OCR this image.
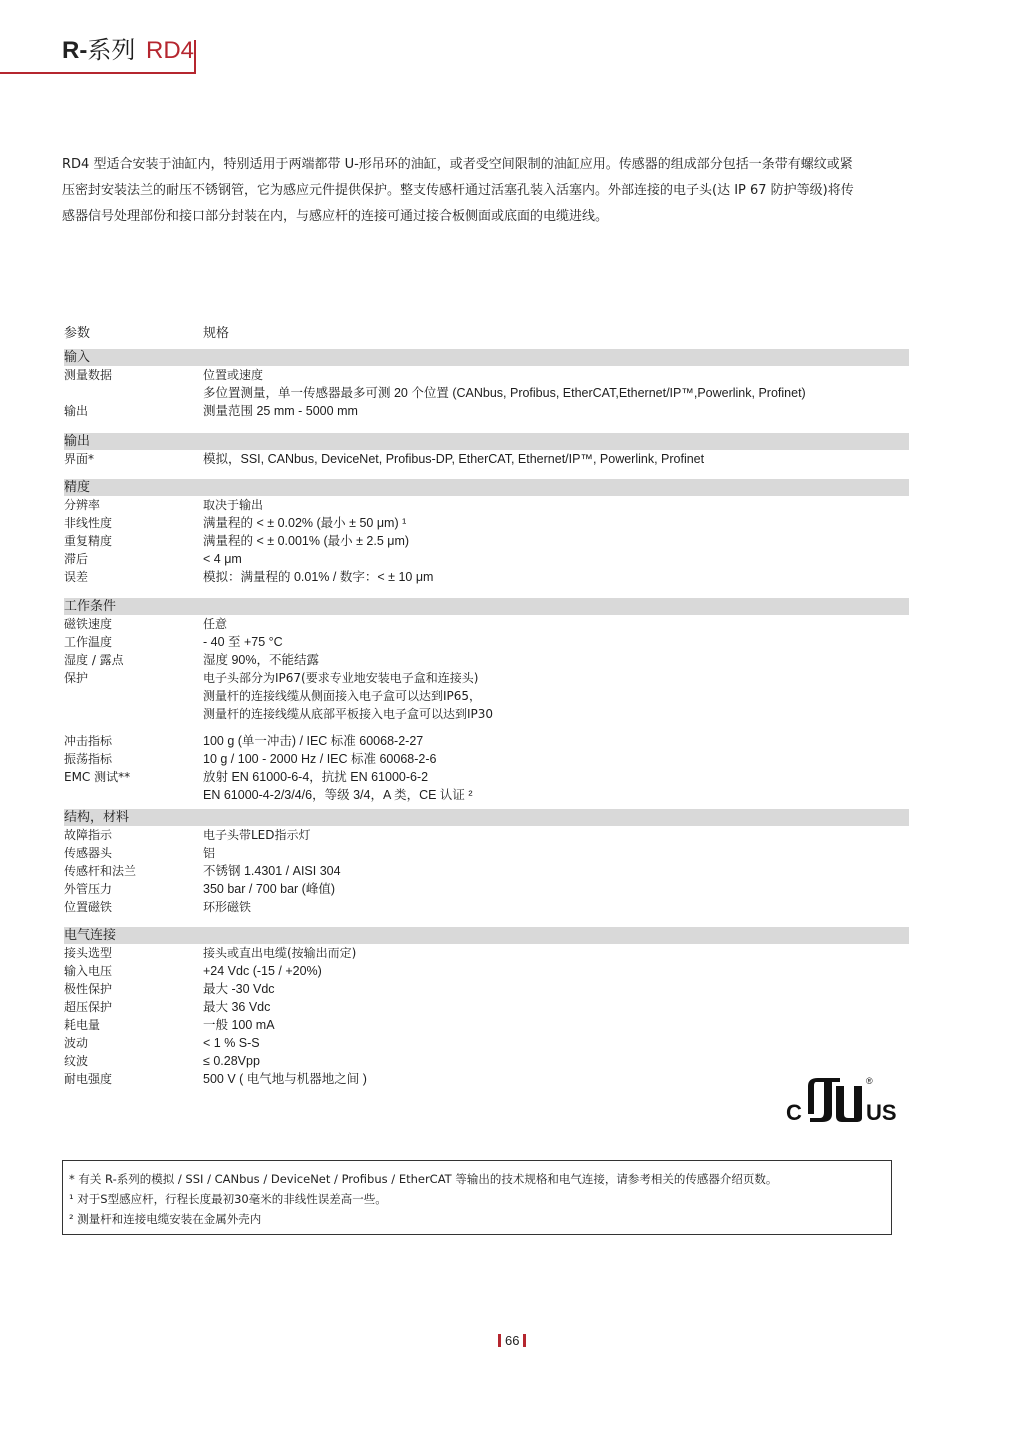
R-系列 RD4

RD4 型适合安装于油缸内，特别适用于两端都带 U-形吊环的油缸，或者受空间限制的油缸应用。传感器的组成部分包括一条带有螺纹或紧压密封安装法兰的耐压不锈钢管，它为感应元件提供保护。整支传感杆通过活塞孔装入活塞内。外部连接的电子头(达 IP 67 防护等级)将传感器信号处理部份和接口部分封装在内，与感应杆的连接可通过接合板侧面或底面的电缆进线。

参数	规格
输入
测量数据	位置或速度
多位置测量，单一传感器最多可测 20 个位置 (CANbus, Profibus, EtherCAT,Ethernet/IP™,Powerlink, Profinet)
输出	测量范围 25 mm - 5000 mm
输出
界面*	模拟，SSI, CANbus, DeviceNet, Profibus-DP, EtherCAT, Ethernet/IP™, Powerlink, Profinet
精度
分辨率	取决于输出
非线性度	满量程的 < ± 0.02% (最小 ± 50 μm) ¹
重复精度	满量程的 < ± 0.001% (最小 ± 2.5 μm)
滞后	< 4 μm
误差	模拟：满量程的 0.01% / 数字：< ± 10 μm
工作条件
磁铁速度	任意
工作温度	- 40 至 +75 °C
湿度 / 露点	湿度 90%，不能结露
保护	电子头部分为IP67(要求专业地安装电子盒和连接头)
测量杆的连接线缆从侧面接入电子盒可以达到IP65，
测量杆的连接线缆从底部平板接入电子盒可以达到IP30
冲击指标	100 g (单一冲击) / IEC 标准 60068-2-27
振荡指标	10 g / 100 - 2000 Hz / IEC 标准 60068-2-6
EMC 测试**	放射 EN 61000-6-4，抗扰 EN 61000-6-2
EN 61000-4-2/3/4/6，等级 3/4，A 类，CE 认证 ²
结构，材料
故障指示	电子头带LED指示灯
传感器头	铝
传感杆和法兰	不锈钢 1.4301 / AISI 304
外管压力	350 bar / 700 bar (峰值)
位置磁铁	环形磁铁
电气连接
接头选型	接头或直出电缆(按输出而定)
输入电压	+24 Vdc (-15 / +20%)
极性保护	最大 -30 Vdc
超压保护	最大 36 Vdc
耗电量	一般 100 mA
波动	< 1 % S-S
纹波	≤ 0.28Vpp
耐电强度	500 V ( 电气地与机器地之间 )
C	US
®
* 有关 R-系列的模拟 / SSI / CANbus / DeviceNet / Profibus / EtherCAT 等输出的技术规格和电气连接，请参考相关的传感器介绍页数。
¹ 对于S型感应杆，行程长度最初30毫米的非线性误差高一些。
² 测量杆和连接电缆安装在金属外壳内
66
